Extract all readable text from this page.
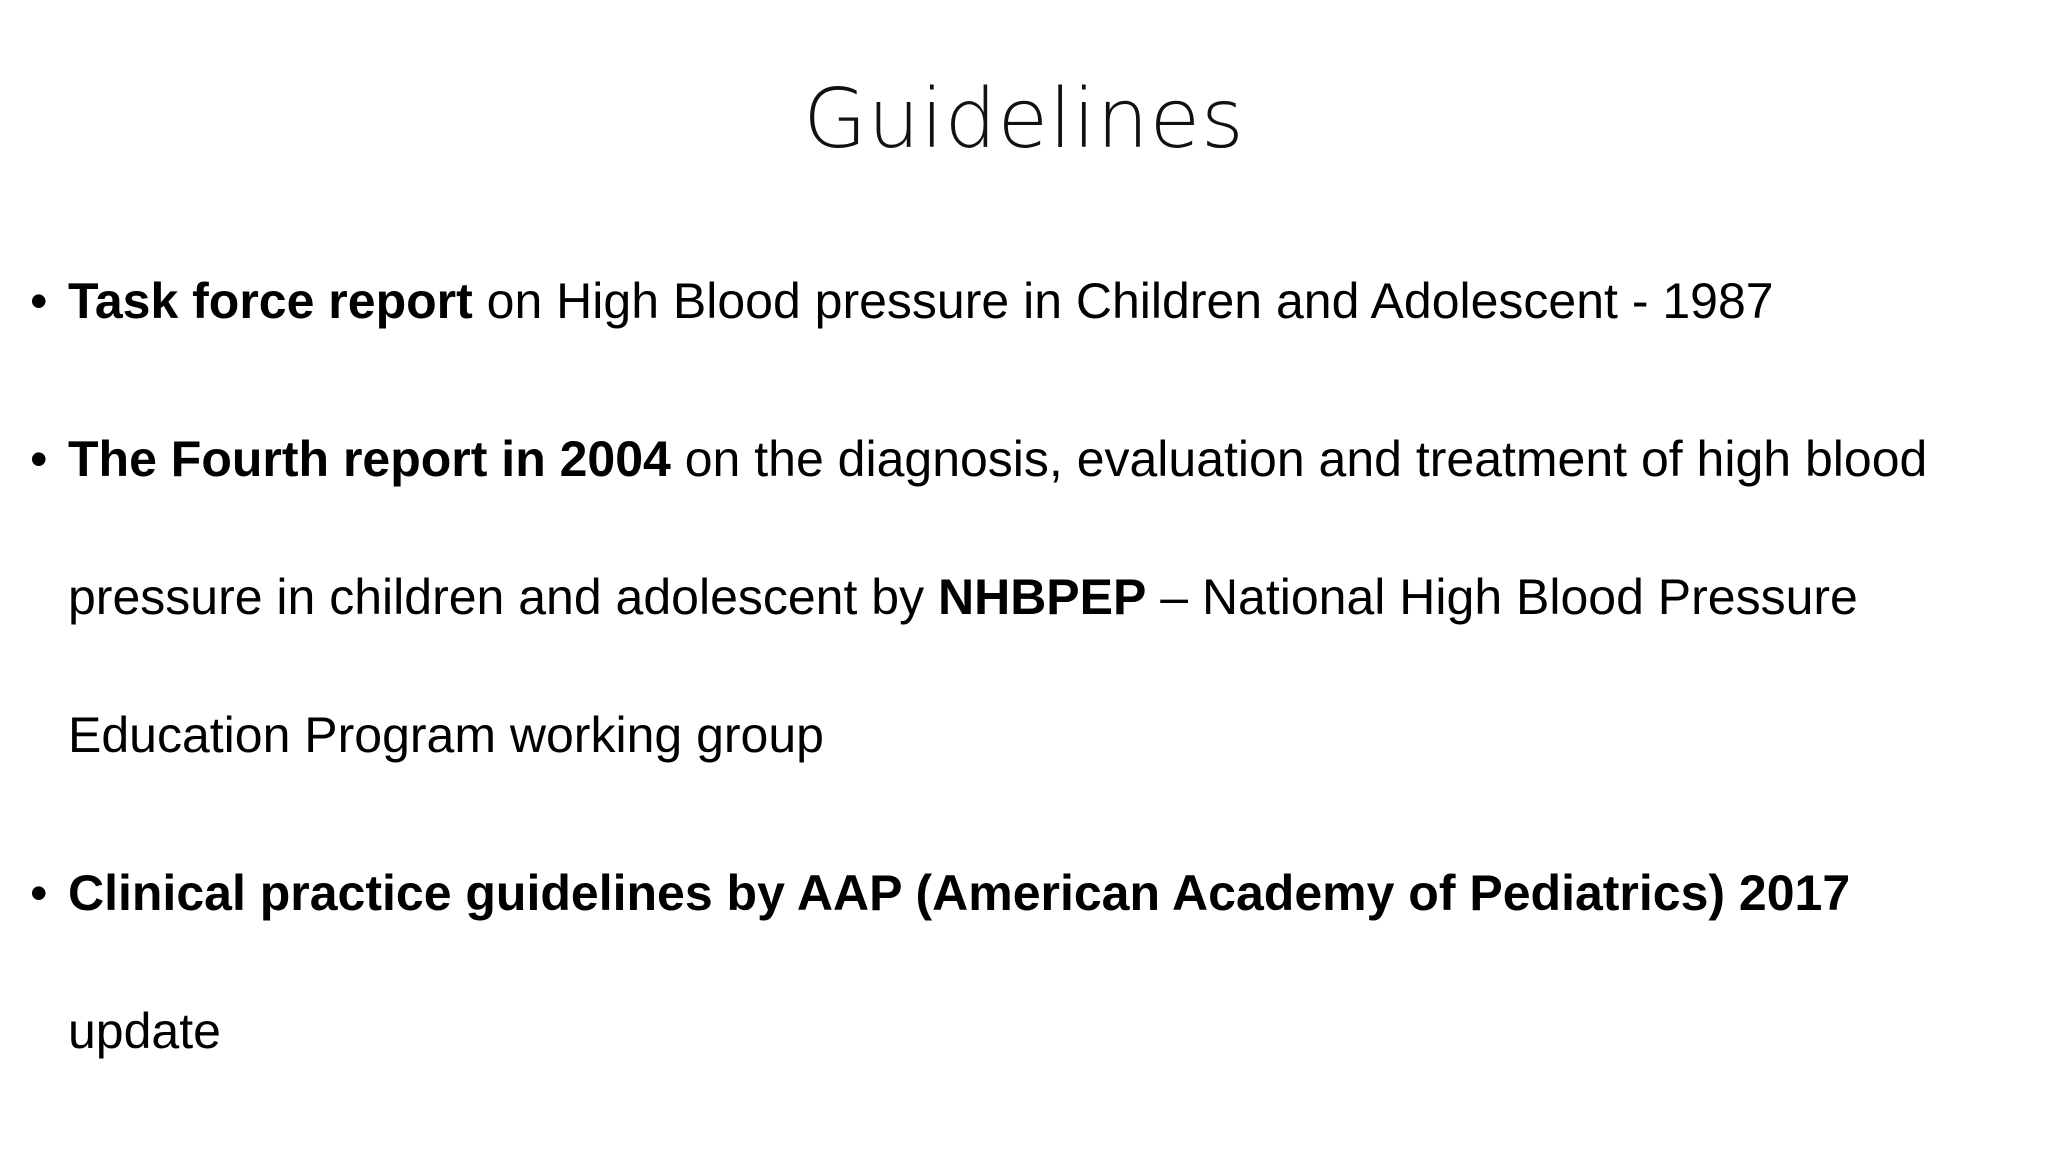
Guidelines
• Task force report on High Blood pressure in Children and Adolescent - 1987
• The Fourth report in 2004 on the diagnosis, evaluation and treatment of high blood pressure in children and adolescent by NHBPEP – National High Blood Pressure Education Program working group
• Clinical practice guidelines by AAP (American Academy of Pediatrics) 2017 update
